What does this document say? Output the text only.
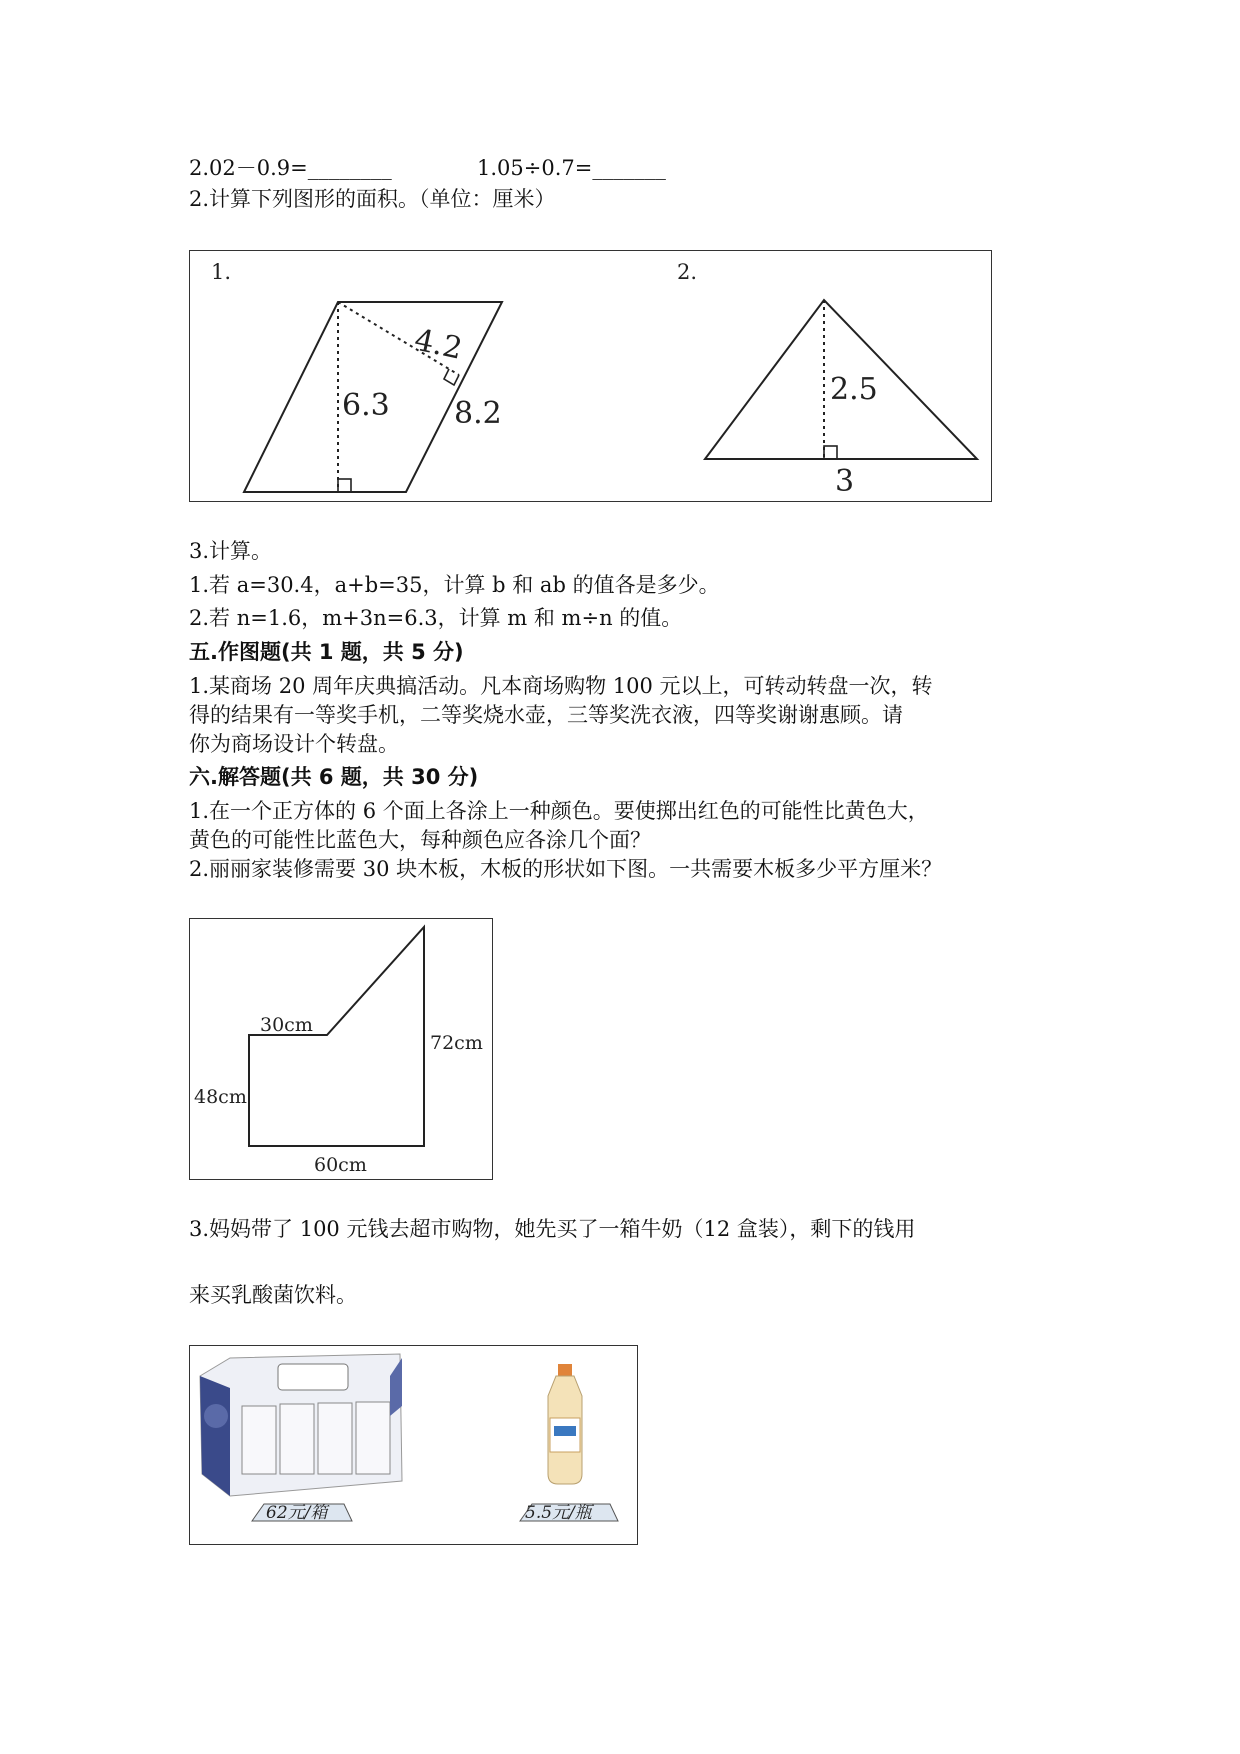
2.02－0.9=________	1.05÷0.7=_______
2.计算下列图形的面积。（单位：厘米）
1.	2.
6.3
4.2
8.2
2.5
3
3.计算。
1.若 a=30.4，a+b=35，计算 b 和 ab 的值各是多少。
2.若 n=1.6，m+3n=6.3，计算 m 和 m÷n 的值。
五.作图题(共 1 题，共 5 分)
1.某商场 20 周年庆典搞活动。凡本商场购物 100 元以上，可转动转盘一次，转
得的结果有一等奖手机，二等奖烧水壶，三等奖洗衣液，四等奖谢谢惠顾。请
你为商场设计个转盘。
六.解答题(共 6 题，共 30 分)
1.在一个正方体的 6 个面上各涂上一种颜色。要使掷出红色的可能性比黄色大，
黄色的可能性比蓝色大，每种颜色应各涂几个面？
2.丽丽家装修需要 30 块木板，木板的形状如下图。一共需要木板多少平方厘米？
30cm
72cm
48cm
60cm
3.妈妈带了 100 元钱去超市购物，她先买了一箱牛奶（12 盒装），剩下的钱用
来买乳酸菌饮料。
62元/箱	5.5元/瓶
